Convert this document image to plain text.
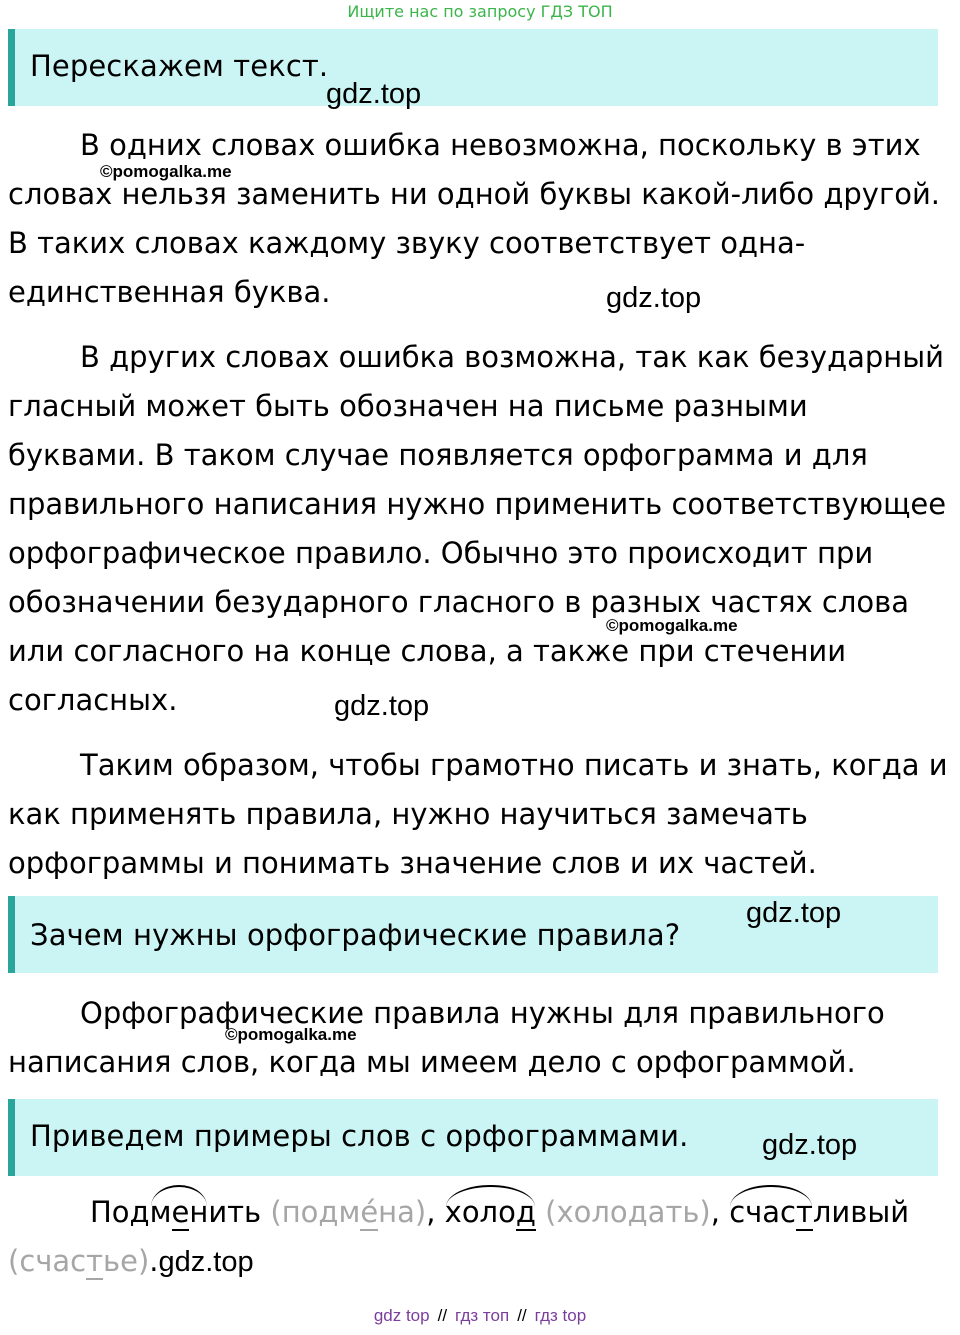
Ищите нас по запросу ГДЗ ТОП
Перескажем текст.
gdz.top
В одних словах ошибка невозможна, поскольку в этих
словах нельзя заменить ни одной буквы какой-либо другой.
В таких словах каждому звуку соответствует одна-
единственная буква.
©pomogalka.me
gdz.top
В других словах ошибка возможна, так как безударный
гласный может быть обозначен на письме разными
буквами. В таком случае появляется орфограмма и для
правильного написания нужно применить соответствующее
орфографическое правило. Обычно это происходит при
обозначении безударного гласного в разных частях слова
или согласного на конце слова, а также при стечении
согласных.
©pomogalka.me
gdz.top
Таким образом, чтобы грамотно писать и знать, когда и
как применять правила, нужно научиться замечать
орфограммы и понимать значение слов и их частей.
Зачем нужны орфографические правила?
gdz.top
Орфографические правила нужны для правильного
написания слов, когда мы имеем дело с орфограммой.
©pomogalka.me
Приведем примеры слов с орфограммами.	gdz.top
Под
менить (подме́на), холод (холодать), счастливый
(счастье).gdz.top
gdz top // гдз топ // гдз top
